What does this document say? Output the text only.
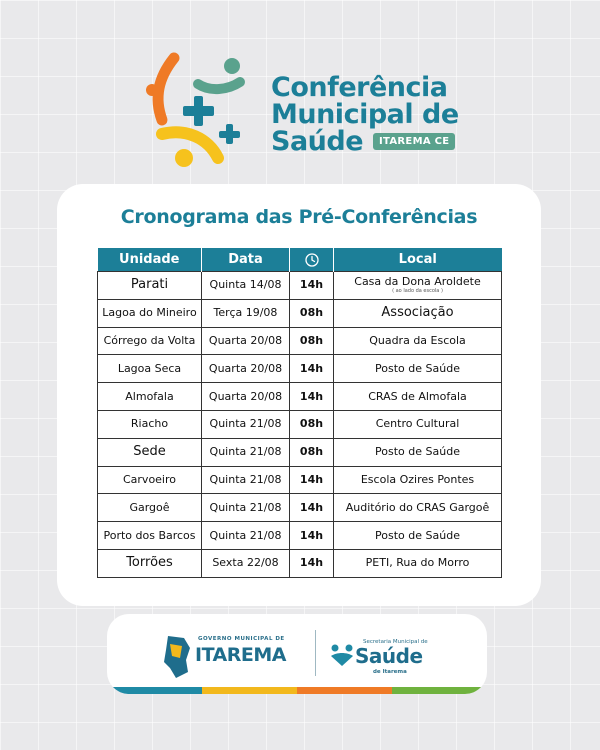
Conferência
Municipal de
Saúde	ITAREMA CE
Cronograma das Pré-Conferências
Unidade	Data		Local
Parati	Quinta 14/08	14h	Casa da Dona Aroldete
( ao lado da escola )

Lagoa do Mineiro	Terça 19/08	08h	Associação
Córrego da Volta	Quarta 20/08	08h	Quadra da Escola
Lagoa Seca	Quarta 20/08	14h	Posto de Saúde
Almofala	Quarta 20/08	14h	CRAS de Almofala
Riacho	Quinta 21/08	08h	Centro Cultural
Sede	Quinta 21/08	08h	Posto de Saúde
Carvoeiro	Quinta 21/08	14h	Escola Ozires Pontes
Gargoê	Quinta 21/08	14h	Auditório do CRAS Gargoê
Porto dos Barcos	Quinta 21/08	14h	Posto de Saúde
Torrões	Sexta 22/08	14h	PETI, Rua do Morro
GOVERNO MUNICIPAL DE
ITAREMA
Secretaria Municipal de
Saúde
de Itarema
